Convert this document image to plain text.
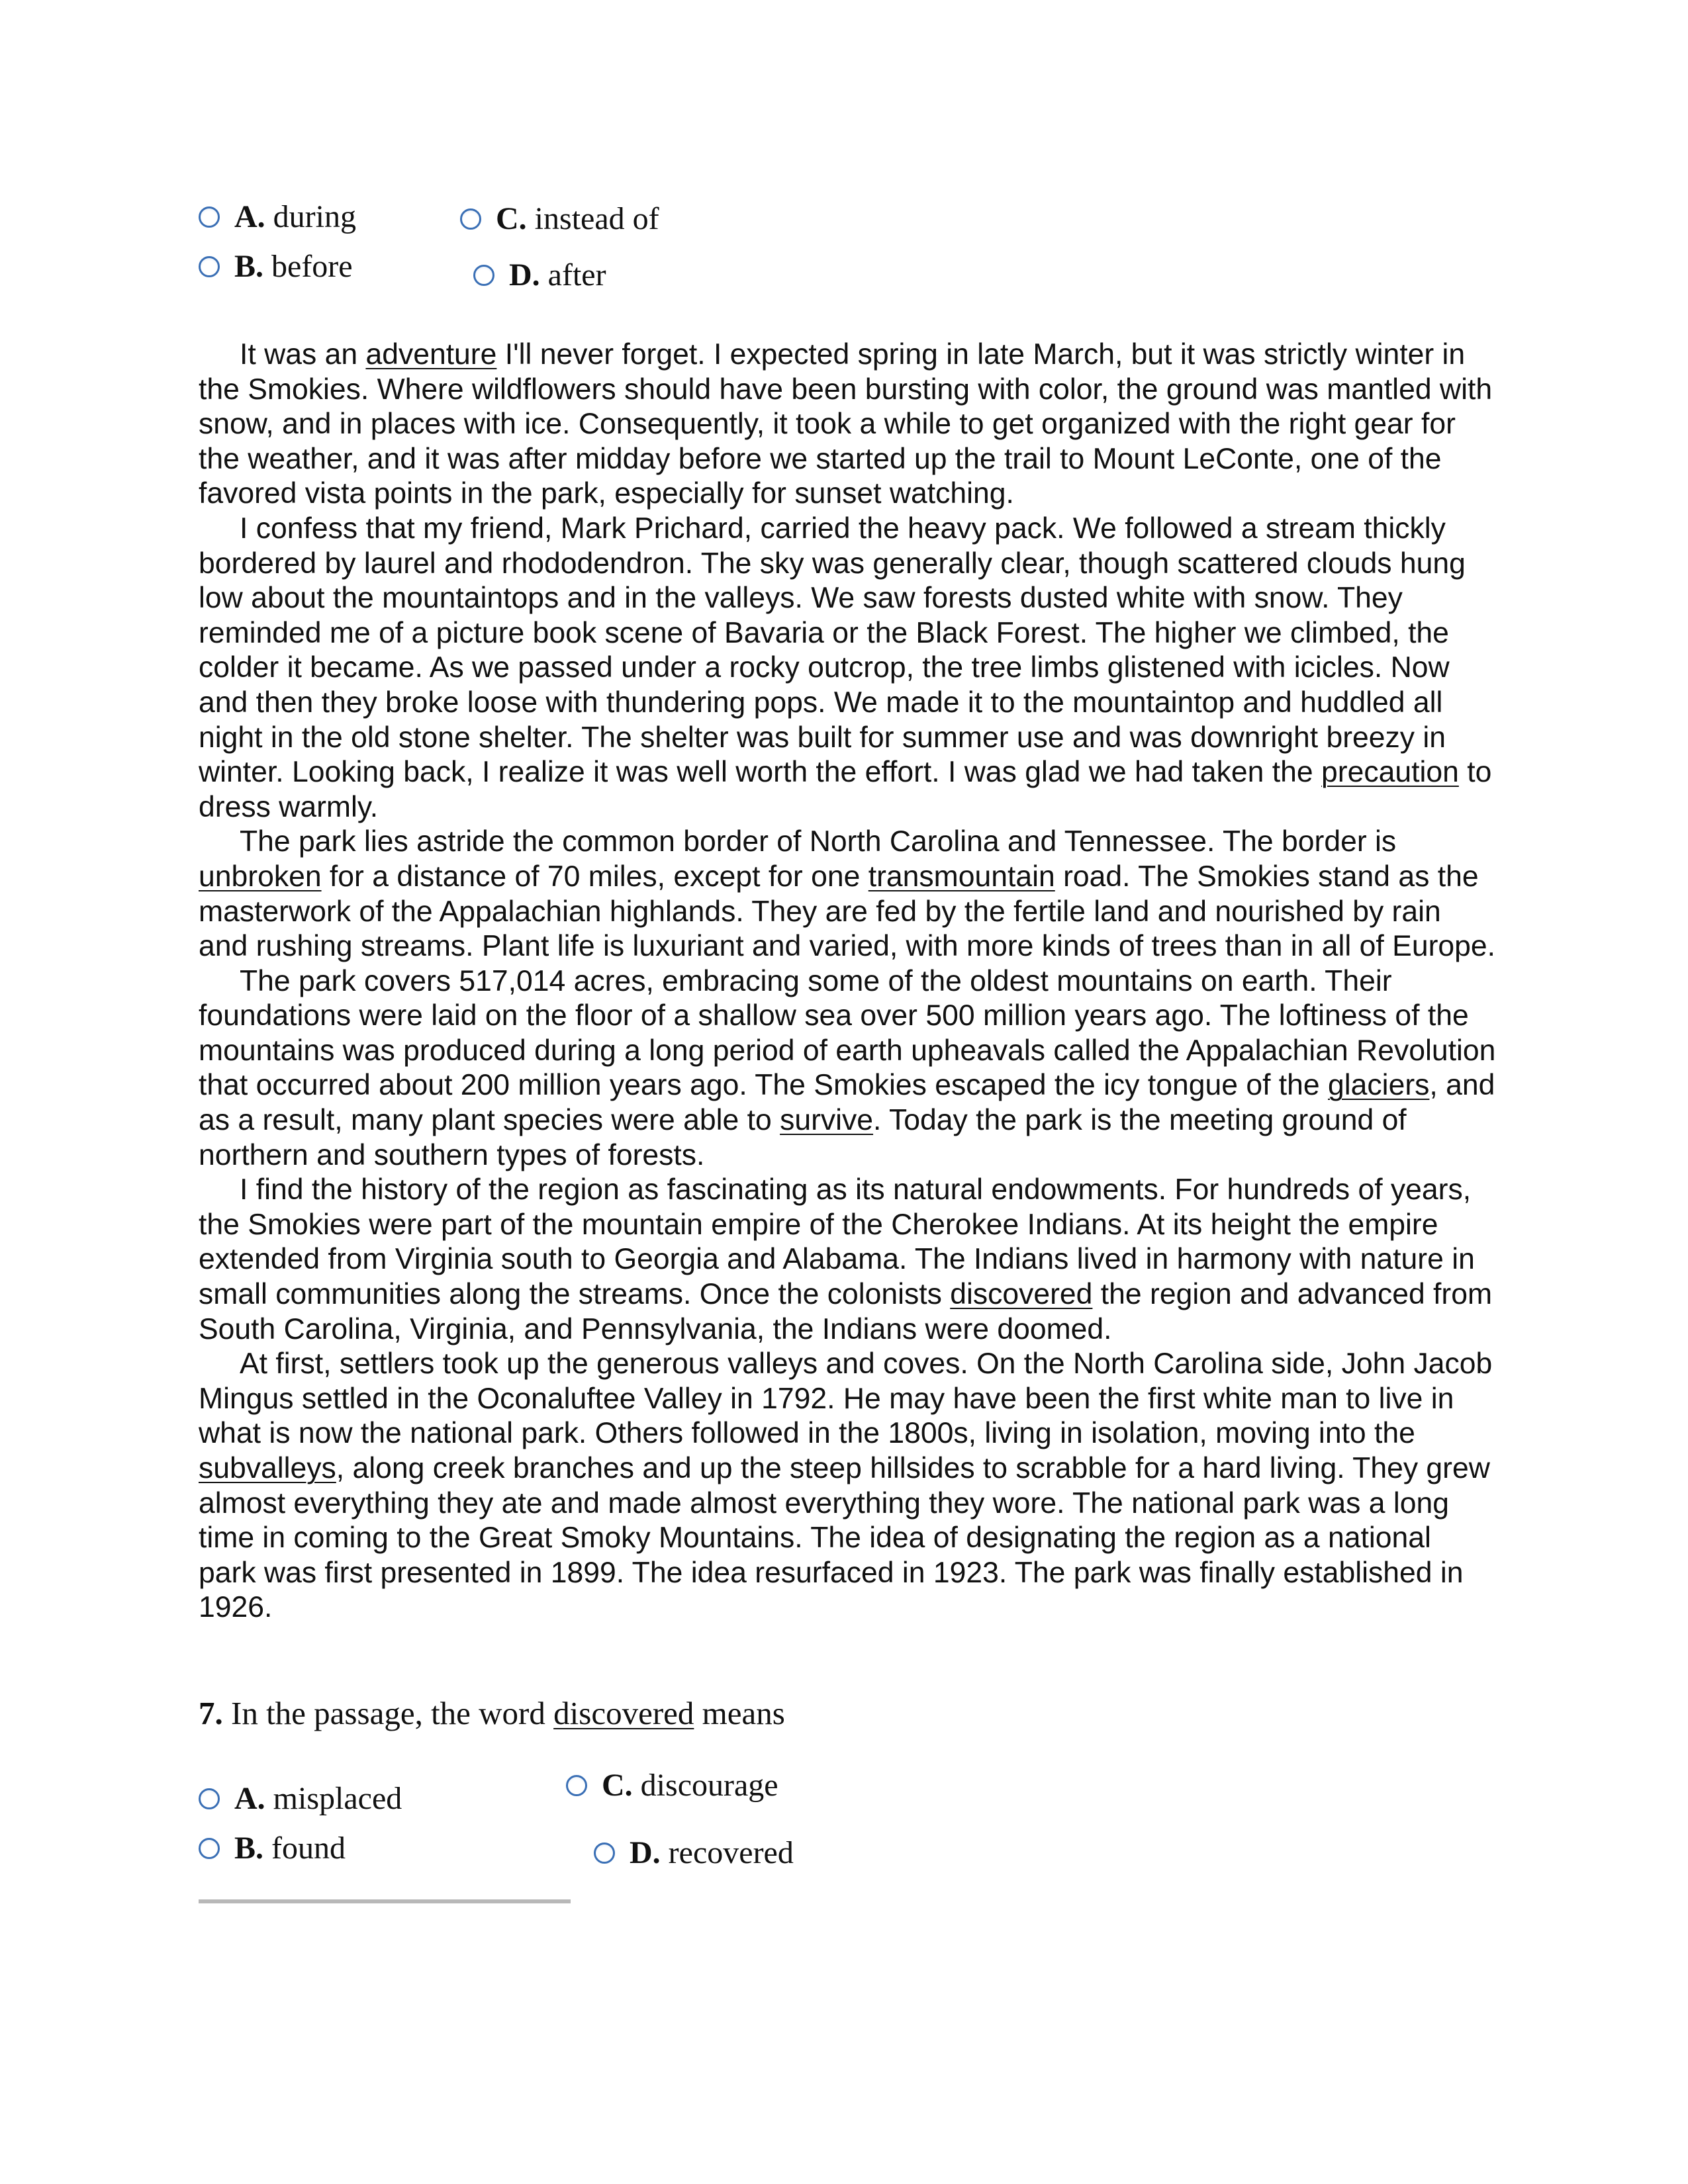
A. during
B. before
C. instead of
D. after

It was an adventure I'll never forget. I expected spring in late March, but it was strictly winter in the Smokies. Where wildflowers should have been bursting with color, the ground was mantled with snow, and in places with ice. Consequently, it took a while to get organized with the right gear for the weather, and it was after midday before we started up the trail to Mount LeConte, one of the favored vista points in the park, especially for sunset watching.

I confess that my friend, Mark Prichard, carried the heavy pack. We followed a stream thickly bordered by laurel and rhododendron. The sky was generally clear, though scattered clouds hung low about the mountaintops and in the valleys. We saw forests dusted white with snow. They reminded me of a picture book scene of Bavaria or the Black Forest. The higher we climbed, the colder it became. As we passed under a rocky outcrop, the tree limbs glistened with icicles. Now and then they broke loose with thundering pops. We made it to the mountaintop and huddled all night in the old stone shelter. The shelter was built for summer use and was downright breezy in winter. Looking back, I realize it was well worth the effort. I was glad we had taken the precaution to dress warmly.

The park lies astride the common border of North Carolina and Tennessee. The border is unbroken for a distance of 70 miles, except for one transmountain road. The Smokies stand as the masterwork of the Appalachian highlands. They are fed by the fertile land and nourished by rain and rushing streams. Plant life is luxuriant and varied, with more kinds of trees than in all of Europe.

The park covers 517,014 acres, embracing some of the oldest mountains on earth. Their foundations were laid on the floor of a shallow sea over 500 million years ago. The loftiness of the mountains was produced during a long period of earth upheavals called the Appalachian Revolution that occurred about 200 million years ago. The Smokies escaped the icy tongue of the glaciers, and as a result, many plant species were able to survive. Today the park is the meeting ground of northern and southern types of forests.

I find the history of the region as fascinating as its natural endowments. For hundreds of years, the Smokies were part of the mountain empire of the Cherokee Indians. At its height the empire extended from Virginia south to Georgia and Alabama. The Indians lived in harmony with nature in small communities along the streams. Once the colonists discovered the region and advanced from South Carolina, Virginia, and Pennsylvania, the Indians were doomed.

At first, settlers took up the generous valleys and coves. On the North Carolina side, John Jacob Mingus settled in the Oconaluftee Valley in 1792. He may have been the first white man to live in what is now the national park. Others followed in the 1800s, living in isolation, moving into the subvalleys, along creek branches and up the steep hillsides to scrabble for a hard living. They grew almost everything they ate and made almost everything they wore. The national park was a long time in coming to the Great Smoky Mountains. The idea of designating the region as a national park was first presented in 1899. The idea resurfaced in 1923. The park was finally established in 1926.

7. In the passage, the word discovered means
A. misplaced
B. found
C. discourage
D. recovered
